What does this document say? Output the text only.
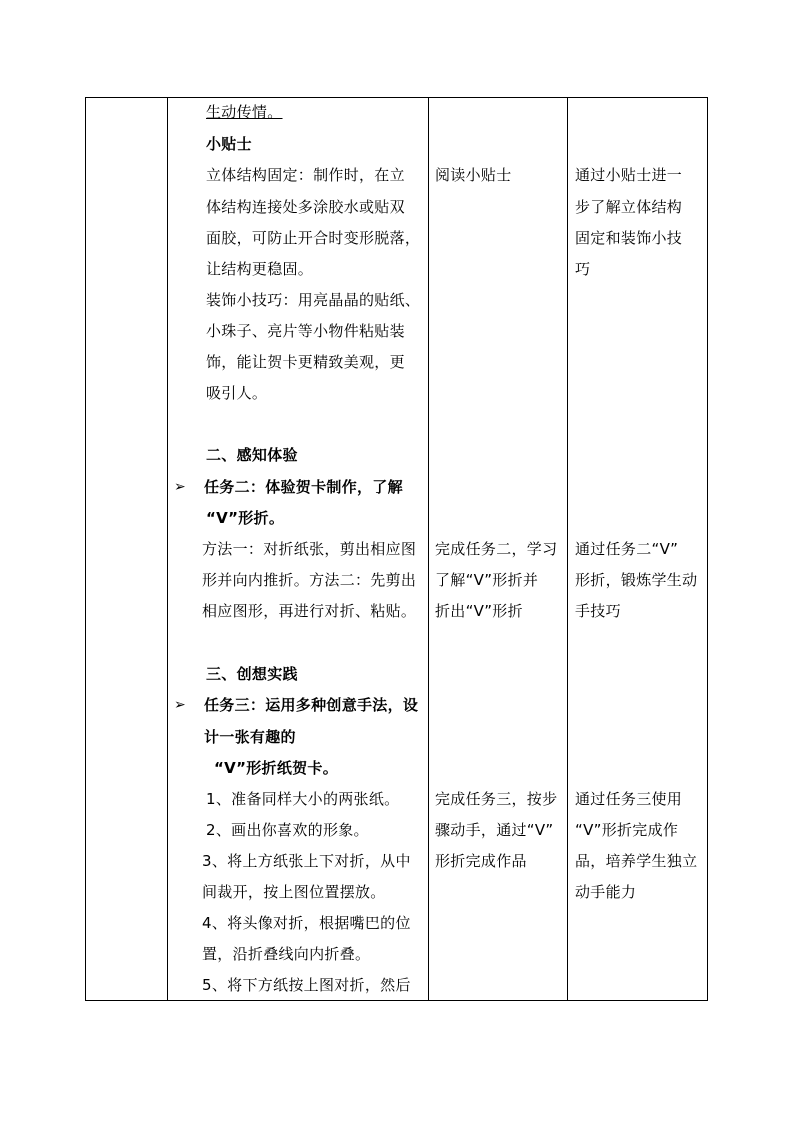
生动传情。
小贴士
立体结构固定：制作时，在立
体结构连接处多涂胶水或贴双
面胶，可防止开合时变形脱落，
让结构更稳固。
装饰小技巧：用亮晶晶的贴纸、
小珠子、亮片等小物件粘贴装
饰，能让贺卡更精致美观，更
吸引人。
二、感知体验
➢ 任务二：体验贺卡制作，了解
“V”形折。
方法一：对折纸张，剪出相应图
形并向内推折。方法二：先剪出
相应图形，再进行对折、粘贴。
三、创想实践
➢ 任务三：运用多种创意手法，设
计一张有趣的
“V”形折纸贺卡。
1、准备同样大小的两张纸。
2、画出你喜欢的形象。
3、将上方纸张上下对折，从中
间裁开，按上图位置摆放。
4、将头像对折，根据嘴巴的位
置，沿折叠线向内折叠。
5、将下方纸按上图对折，然后
阅读小贴士
完成任务二，学习
了解“V”形折并
折出“V”形折
完成任务三，按步
骤动手，通过“V”
形折完成作品
通过小贴士进一
步了解立体结构
固定和装饰小技
巧
通过任务二“V”
形折，锻炼学生动
手技巧
通过任务三使用
“V”形折完成作
品，培养学生独立
动手能力
